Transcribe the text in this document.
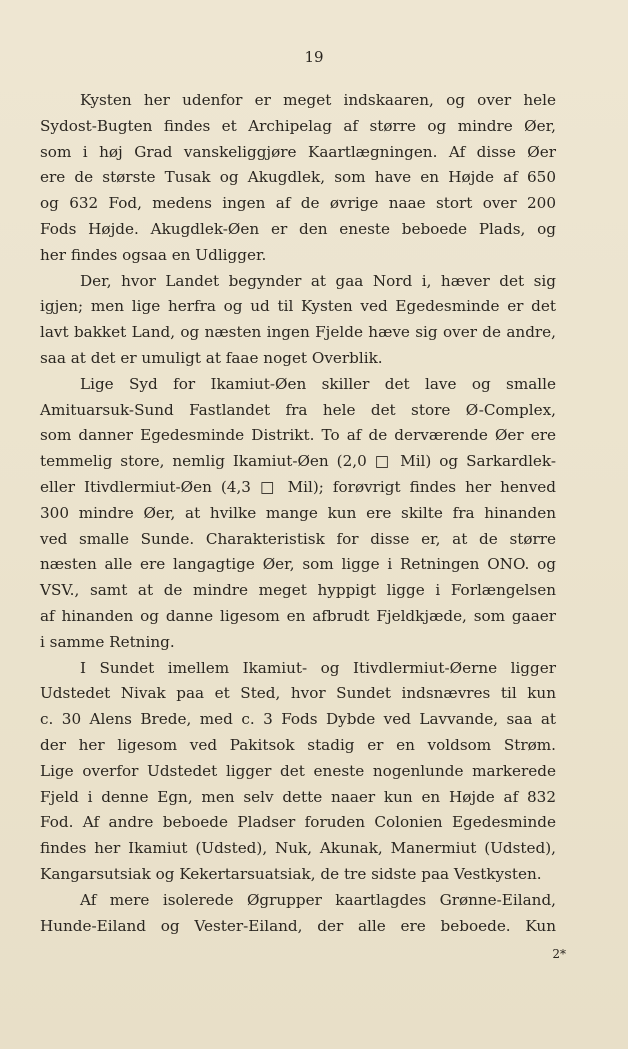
19
Kysten her udenfor er meget indskaaren, og over hele
Sydost-Bugten findes et Archipelag af større og mindre Øer,
som i høj Grad vanskeliggjøre Kaartlægningen. Af disse Øer
ere de største Tusak og Akugdlek, som have en Højde af 650
og 632 Fod, medens ingen af de øvrige naae stort over 200
Fods Højde. Akugdlek-Øen er den eneste beboede Plads, og
her findes ogsaa en Udligger.
Der, hvor Landet begynder at gaa Nord i, hæver det sig
igjen; men lige herfra og ud til Kysten ved Egedesminde er det
lavt bakket Land, og næsten ingen Fjelde hæve sig over de andre,
saa at det er umuligt at faae noget Overblik.
Lige Syd for Ikamiut-Øen skiller det lave og smalle
Amituarsuk-Sund Fastlandet fra hele det store Ø-Complex,
som danner Egedesminde Distrikt. To af de derværende Øer ere
temmelig store, nemlig Ikamiut-Øen (2,0 □ Mil) og Sarkardlek-
eller Itivdlermiut-Øen (4,3 □ Mil); forøvrigt findes her henved
300 mindre Øer, at hvilke mange kun ere skilte fra hinanden
ved smalle Sunde. Charakteristisk for disse er, at de større
næsten alle ere langagtige Øer, som ligge i Retningen ONO. og
VSV., samt at de mindre meget hyppigt ligge i Forlængelsen
af hinanden og danne ligesom en afbrudt Fjeldkjæde, som gaaer
i samme Retning.
I Sundet imellem Ikamiut- og Itivdlermiut-Øerne ligger
Udstedet Nivak paa et Sted, hvor Sundet indsnævres til kun
c. 30 Alens Brede, med c. 3 Fods Dybde ved Lavvande, saa at
der her ligesom ved Pakitsok stadig er en voldsom Strøm.
Lige overfor Udstedet ligger det eneste nogenlunde markerede
Fjeld i denne Egn, men selv dette naaer kun en Højde af 832
Fod. Af andre beboede Pladser foruden Colonien Egedesminde
findes her Ikamiut (Udsted), Nuk, Akunak, Manermiut (Udsted),
Kangarsutsiak og Kekertarsuatsiak, de tre sidste paa Vestkysten.
Af mere isolerede Øgrupper kaartlagdes Grønne-Eiland,
Hunde-Eiland og Vester-Eiland, der alle ere beboede. Kun
2*
